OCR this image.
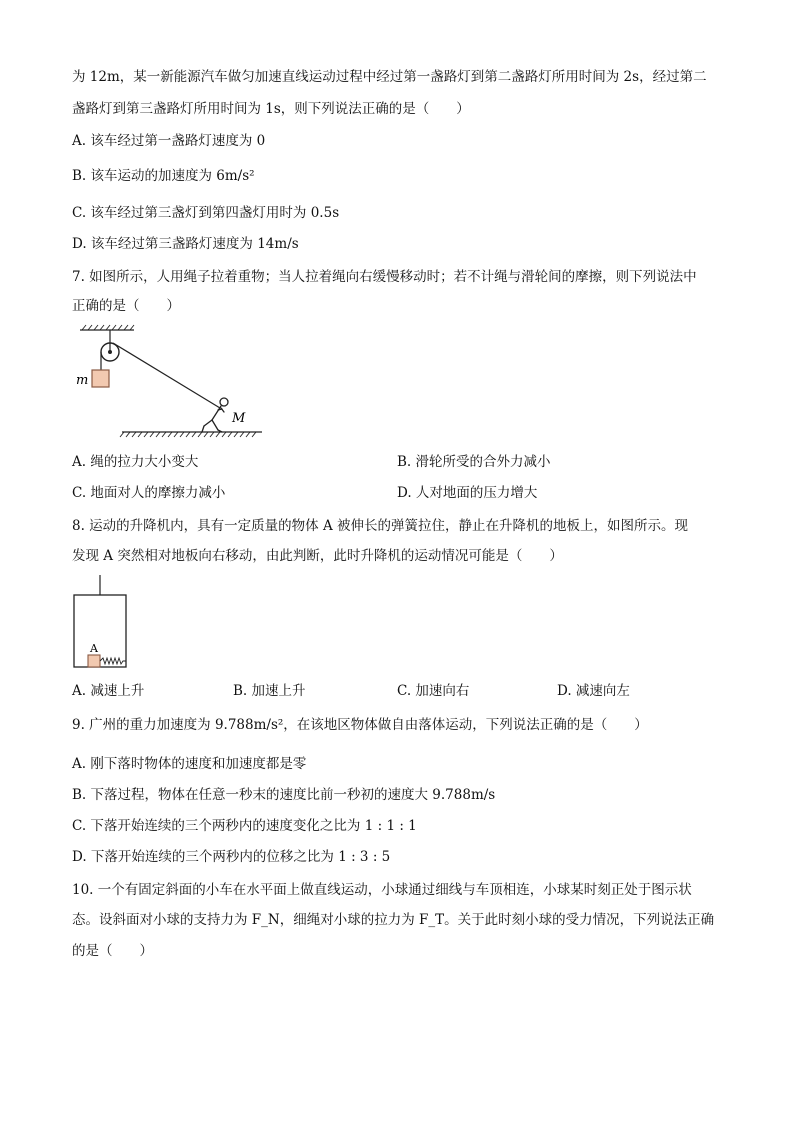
为 12m，某一新能源汽车做匀加速直线运动过程中经过第一盏路灯到第二盏路灯所用时间为 2s，经过第二
盏路灯到第三盏路灯所用时间为 1s，则下列说法正确的是（　　）
A. 该车经过第一盏路灯速度为 0
B. 该车运动的加速度为 6m/s²
C. 该车经过第三盏灯到第四盏灯用时为 0.5s
D. 该车经过第三盏路灯速度为 14m/s
7. 如图所示，人用绳子拉着重物；当人拉着绳向右缓慢移动时；若不计绳与滑轮间的摩擦，则下列说法中
正确的是（　　）
m
M
A. 绳的拉力大小变大	B. 滑轮所受的合外力减小
C. 地面对人的摩擦力减小	D. 人对地面的压力增大
8. 运动的升降机内，具有一定质量的物体 A 被伸长的弹簧拉住，静止在升降机的地板上，如图所示。现
发现 A 突然相对地板向右移动，由此判断，此时升降机的运动情况可能是（　　）
A
A. 减速上升	B. 加速上升	C. 加速向右	D. 减速向左
9. 广州的重力加速度为 9.788m/s²，在该地区物体做自由落体运动，下列说法正确的是（　　）
A. 刚下落时物体的速度和加速度都是零
B. 下落过程，物体在任意一秒末的速度比前一秒初的速度大 9.788m/s
C. 下落开始连续的三个两秒内的速度变化之比为 1 : 1 : 1
D. 下落开始连续的三个两秒内的位移之比为 1 : 3 : 5
10. 一个有固定斜面的小车在水平面上做直线运动，小球通过细线与车顶相连，小球某时刻正处于图示状
态。设斜面对小球的支持力为 F_N，细绳对小球的拉力为 F_T。关于此时刻小球的受力情况，下列说法正确
的是（　　）
